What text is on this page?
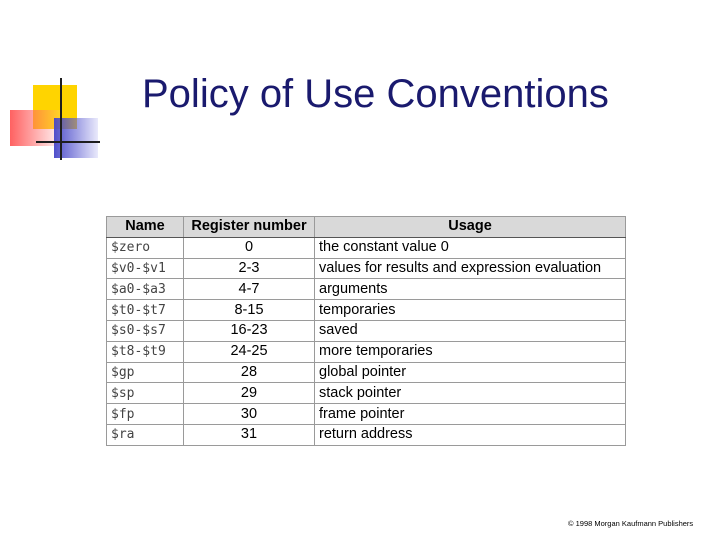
Policy of Use Conventions
Name	Register number	Usage
$zero	0	the constant value 0
$v0-$v1	2-3	values for results and expression evaluation
$a0-$a3	4-7	arguments
$t0-$t7	8-15	temporaries
$s0-$s7	16-23	saved
$t8-$t9	24-25	more temporaries
$gp	28	global pointer
$sp	29	stack pointer
$fp	30	frame pointer
$ra	31	return address
© 1998 Morgan Kaufmann Publishers
